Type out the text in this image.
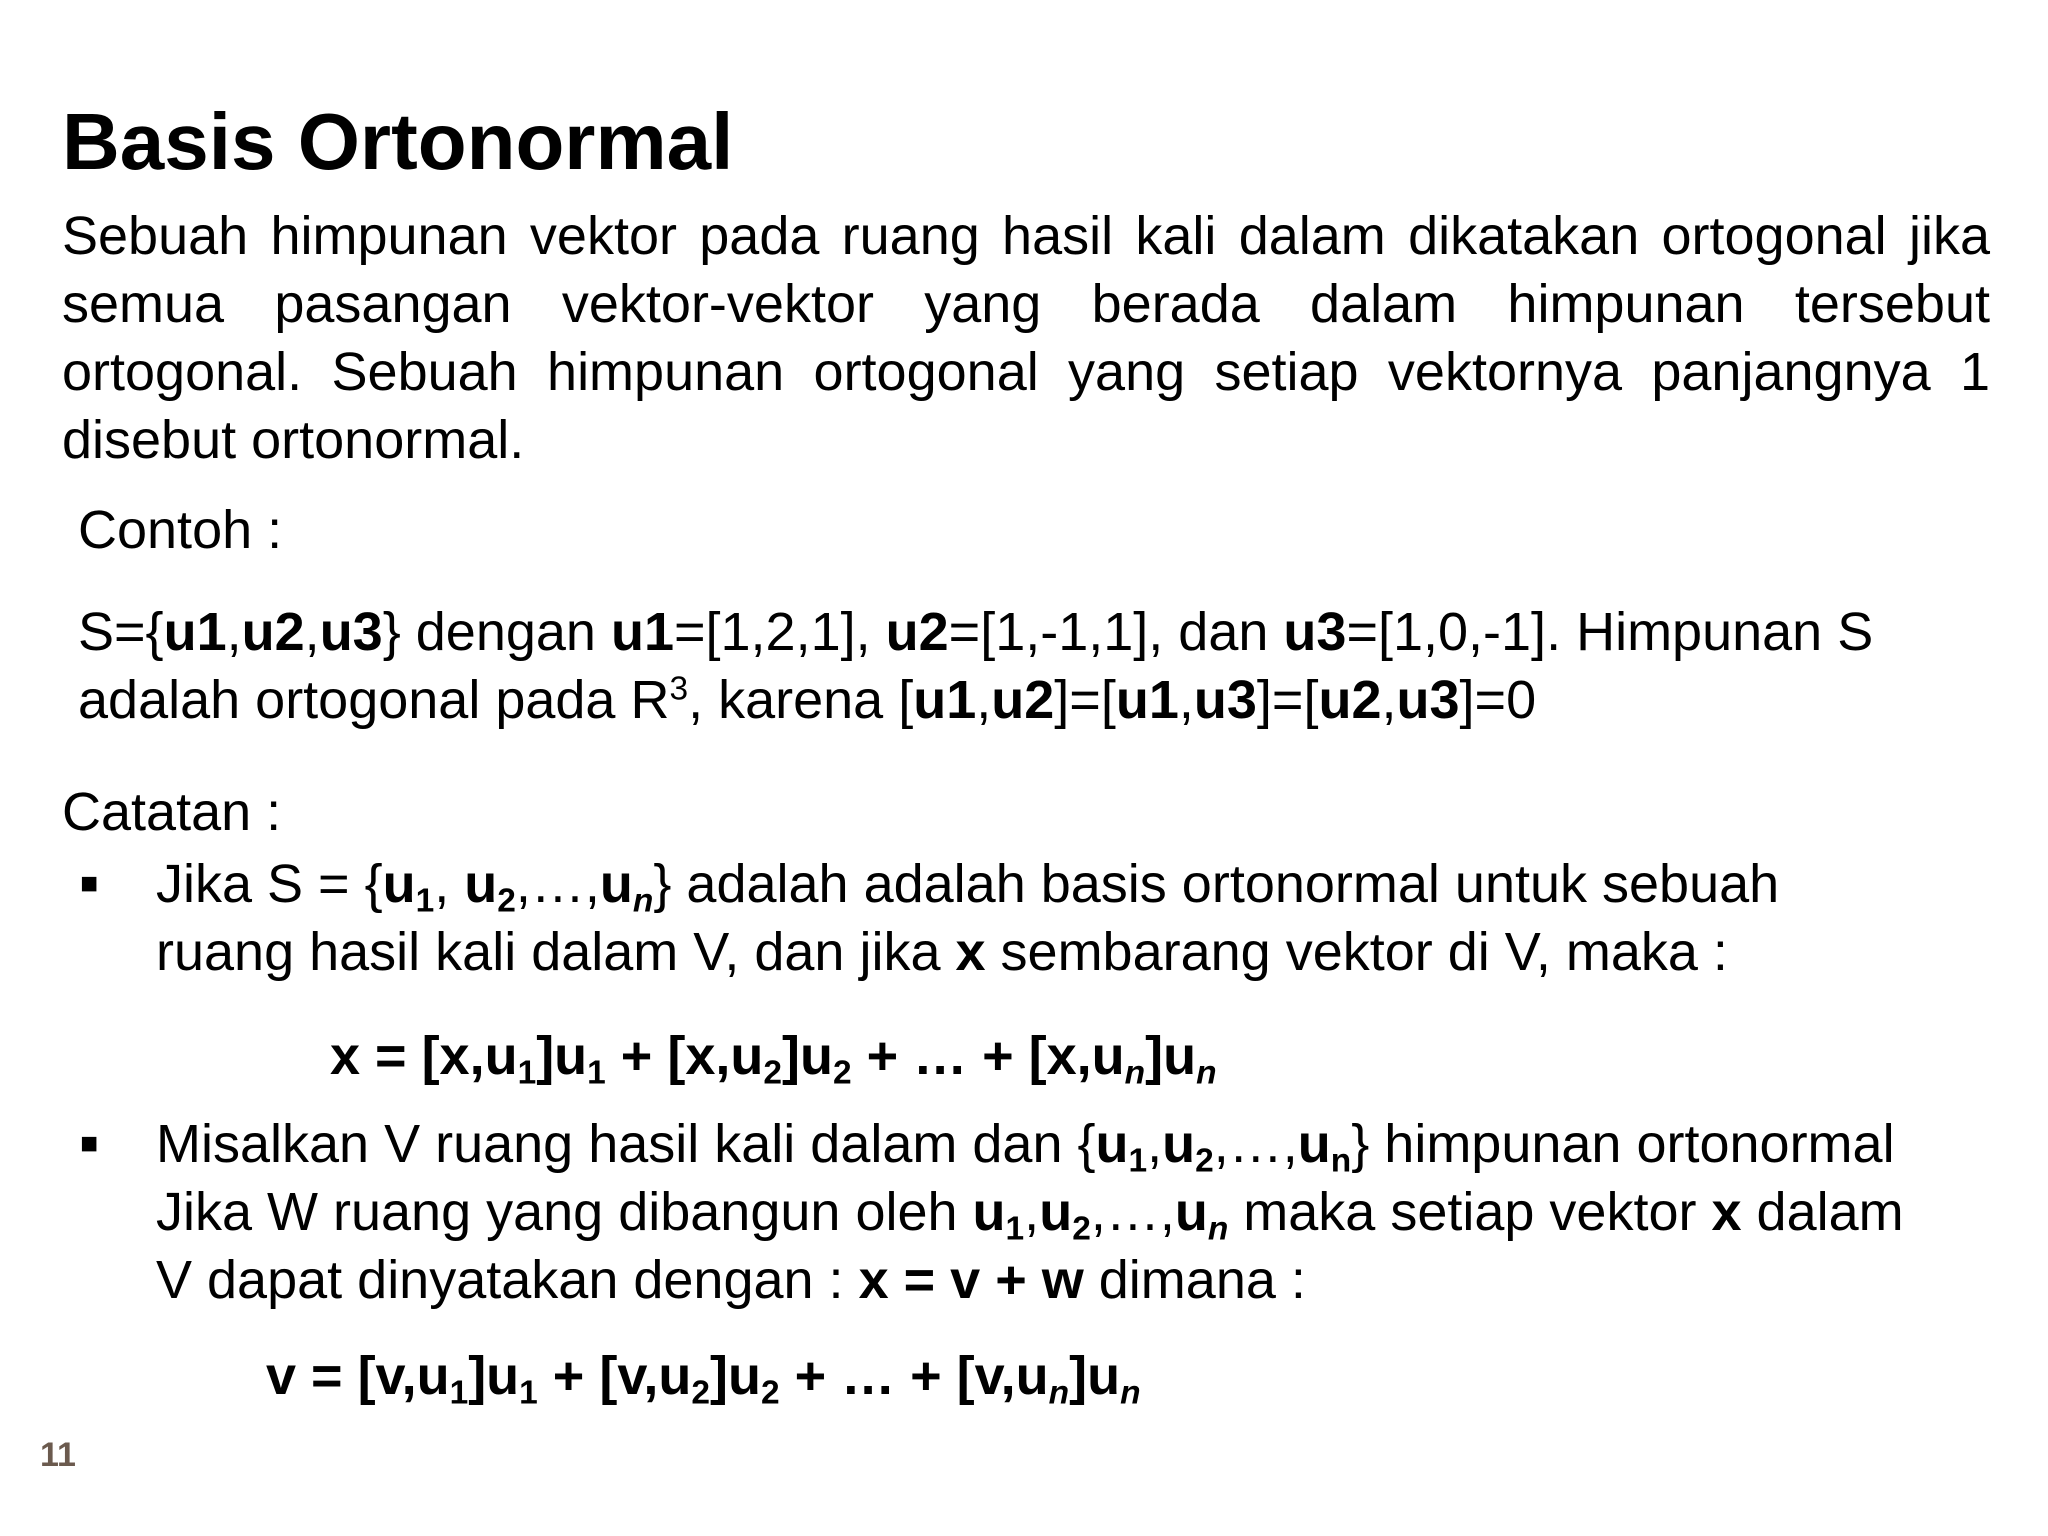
Basis Ortonormal

Sebuah himpunan vektor pada ruang hasil kali dalam dikatakan ortogonal jika semua pasangan vektor-vektor yang berada dalam himpunan tersebut ortogonal. Sebuah himpunan ortogonal yang setiap vektornya panjangnya 1 disebut ortonormal.

Contoh :
S={u1,u2,u3} dengan u1=[1,2,1], u2=[1,-1,1], dan u3=[1,0,-1]. Himpunan S
adalah ortogonal pada $R^3$, karena [u1,u2]=[u1,u3]=[u2,u3]=0
Catatan :
■ Jika $S = \{u_1$, $u_2,\dots,u_n$} adalah adalah basis ortonormal untuk sebuah
ruang hasil kali dalam V, dan jika x sembarang vektor di V, maka :
$x = [x,u_1]u_1 + [x,u_2]u_2$ + … + $[x,u_n]u_n$
■ Misalkan V ruang hasil kali dalam dan $\{u_1,u_2,\dots,u_n\}$ himpunan ortonormal
Jika W ruang yang dibangun oleh $u_1,u_2,\dots,u_n$ maka setiap vektor x dalam
V dapat dinyatakan dengan : x = v + w dimana :
$v = [v,u_1]u_1 + [v,u_2]u_2$ + … + $[v,u_n]u_n$
11
